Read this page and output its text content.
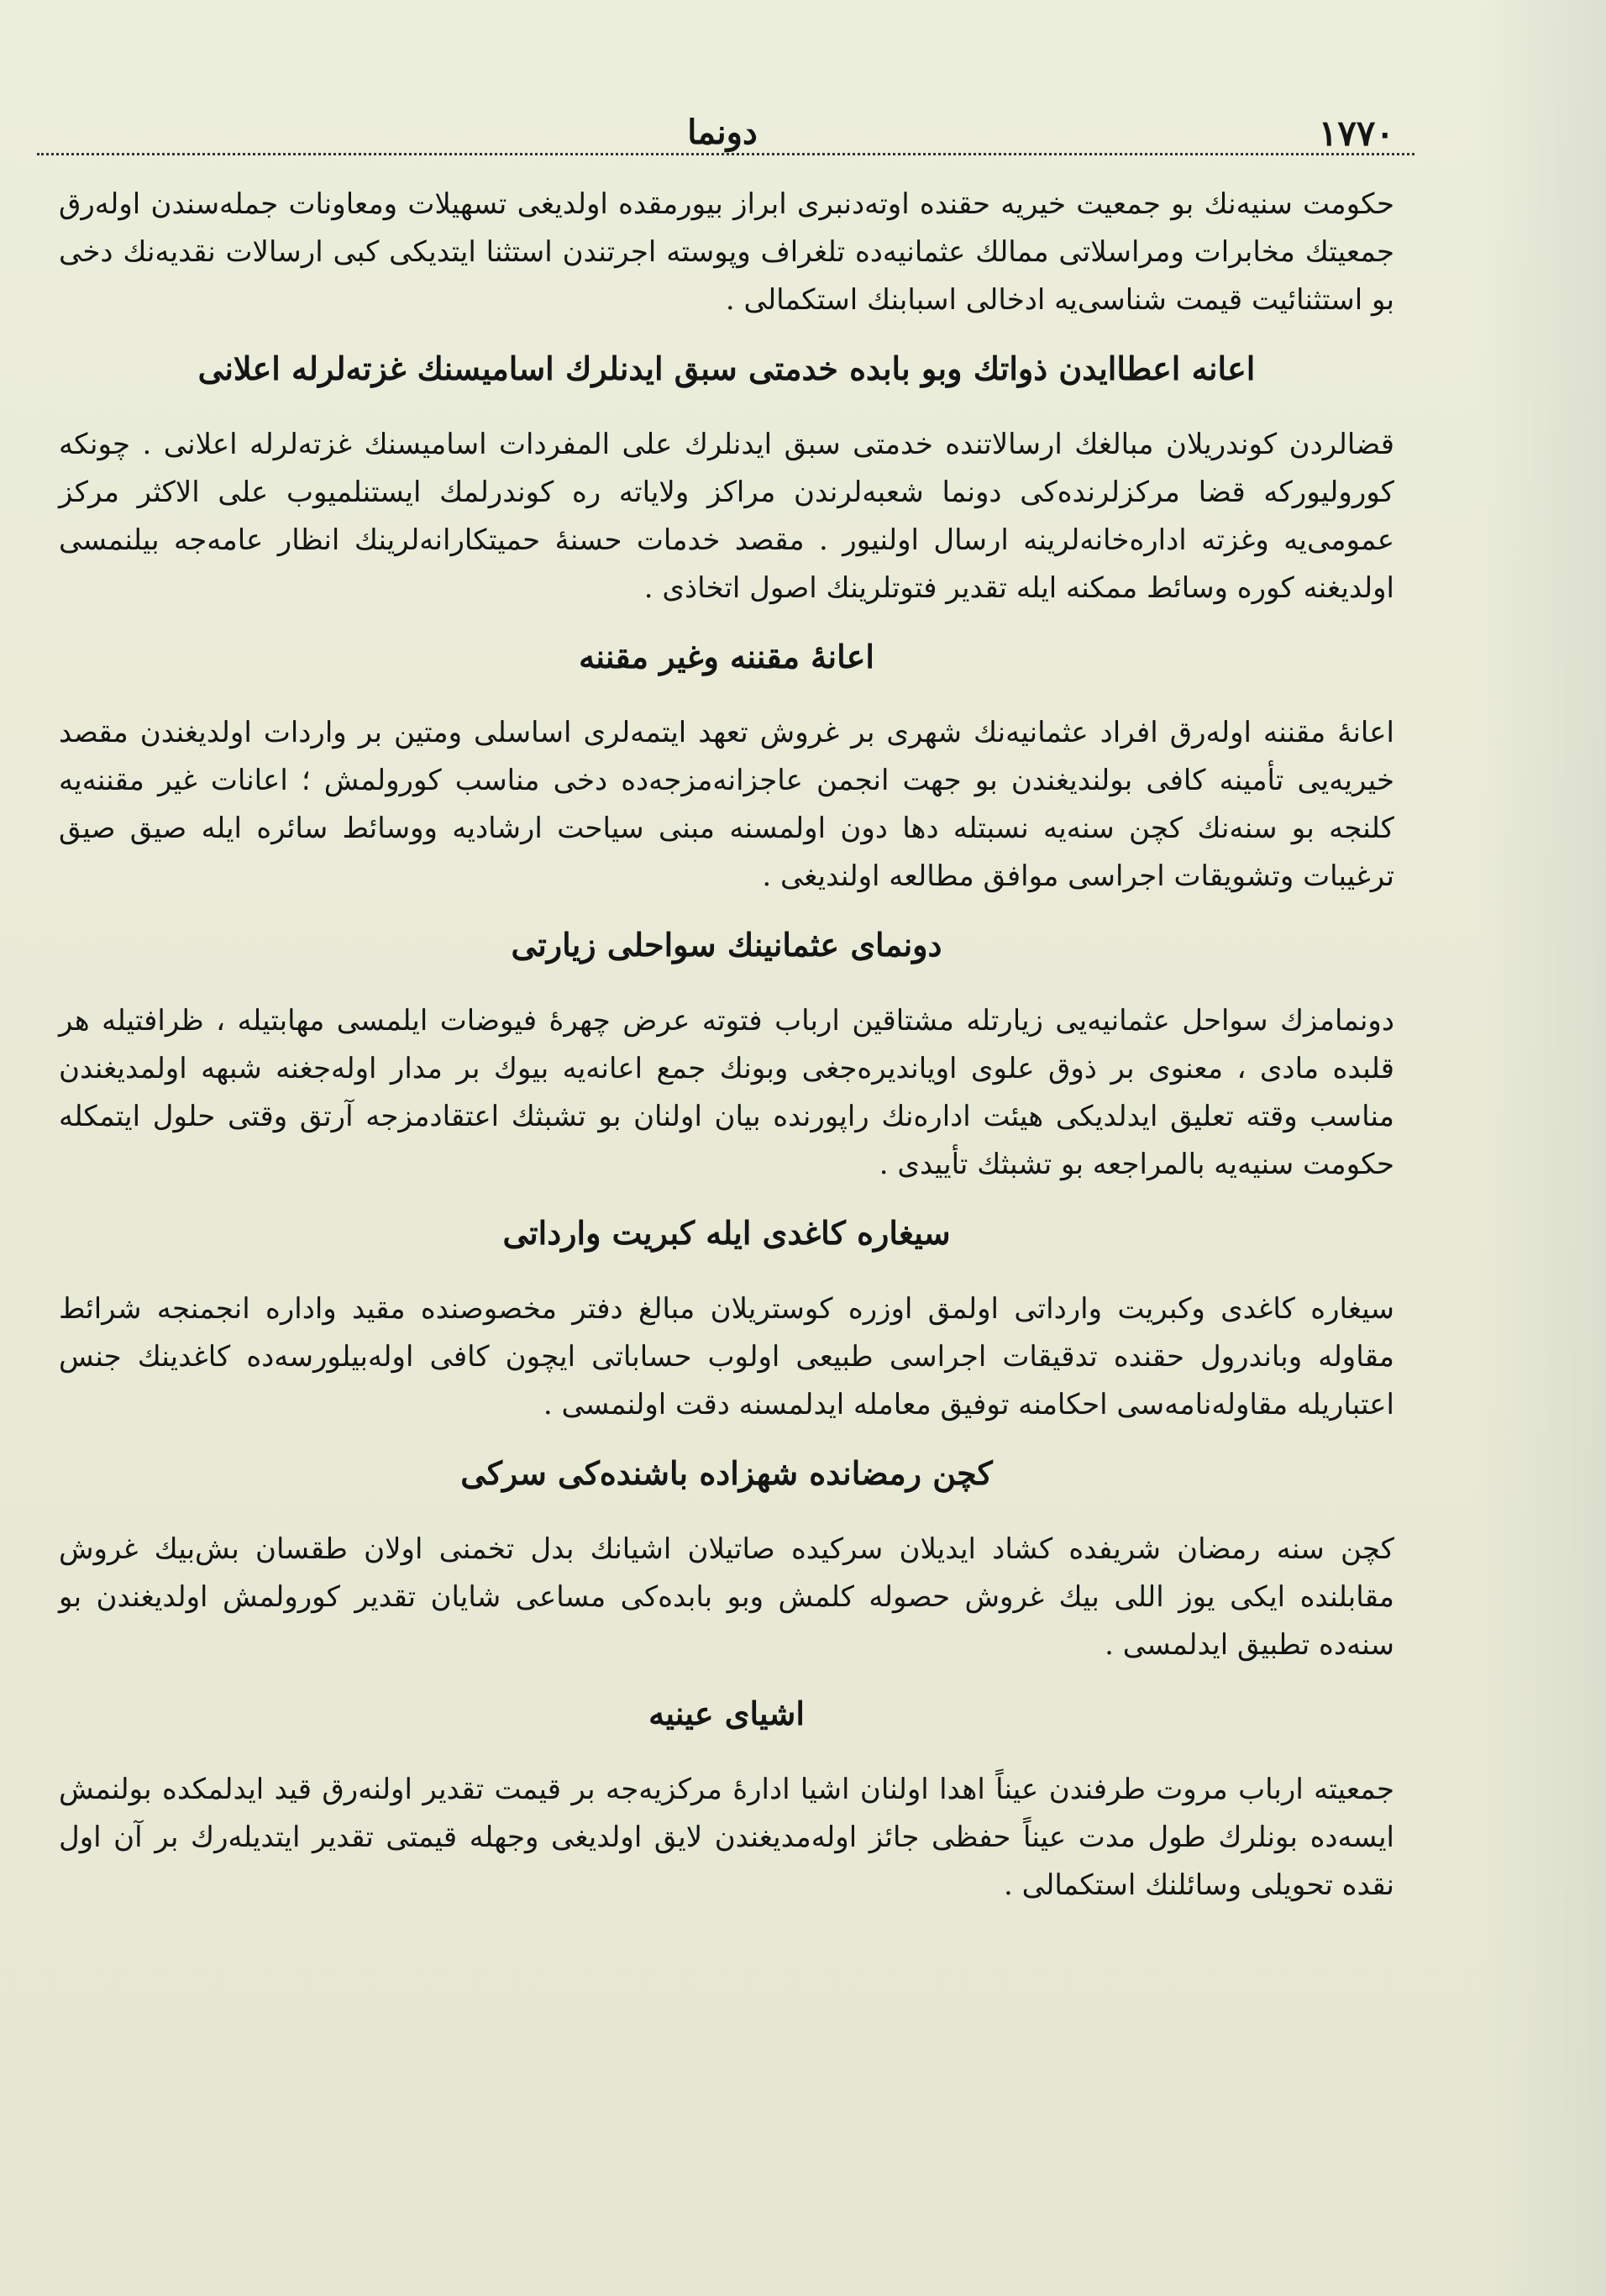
١٧٧٠
دونما

حكومت سنيه‌نك بو جمعيت خيريه حقنده اوته‌دنبری ابراز بيورمقده اولديغی تسهيلات ومعاونات جمله‌سندن اوله‌رق جمعيتك مخابرات ومراسلاتی ممالك عثمانيه‌ده تلغراف وپوسته اجرتندن استثنا ايتديكی كبی ارساﻻت نقديه‌نك دخی بو استثنائيت قيمت شناسی‌يه ادخالی اسبابنك استكمالی .

اعانه اعطاايدن ذواتك وبو بابده خدمتی سبق ايدنلرك اساميسنك غزته‌لرله اعلانی

قضالردن كوندريلان مبالغك ارساﻻتنده خدمتی سبق ايدنلرك على المفردات اساميسنك غزته‌لرله اعلانی . چونكه كوروليوركه قضا مركزلرنده‌كی دونما شعبه‌لرندن مراكز ولاياته ره كوندرلمك ايستنلميوب على الاكثر مركز عمومی‌يه وغزته اداره‌خانه‌لرينه ارسال اولنيور . مقصد خدمات حسنهٔ حميتكارانه‌لرينك انظار عامه‌جه بيلنمسی اولديغنه كوره وسائط ممكنه ايله تقدير فتوتلرينك اصول اتخاذی .

اعانهٔ مقننه وغير مقننه

اعانهٔ مقننه اوله‌رق افراد عثمانيه‌نك شهری بر غروش تعهد ايتمه‌لری اساسلی ومتين بر واردات اولديغندن مقصد خيريه‌يی تأمينه كافی بولنديغندن بو جهت انجمن عاجزانه‌مزجه‌ده دخی مناسب كورولمش ؛ اعانات غير مقننه‌يه كلنجه بو سنه‌نك كچن سنه‌يه نسبتله دها دون اولمسنه مبنی سياحت ارشاديه ووسائط سائره ايله صيق صيق ترغيبات وتشويقات اجراسی موافق مطالعه اولنديغی .

دونمای عثمانينك سواحلی زيارتی

دونمامزك سواحل عثمانيه‌يی زيارتله مشتاقين ارباب فتوته عرض چهرهٔ فيوضات ايلمسی مهابتيله ، ظرافتيله هر قلبده مادی ، معنوی بر ذوق علوی اويانديره‌جغی وبونك جمع اعانه‌يه بيوك بر مدار اوله‌جغنه شبهه اولمديغندن مناسب وقته تعليق ايدلديكی هيئت اداره‌نك راپورنده بيان اولنان بو تشبثك اعتقادمزجه آرتق وقتی حلول ايتمكله حكومت سنيه‌يه بالمراجعه بو تشبثك تأييدی .

سيغاره كاغدی ايله كبريت وارداتی

سيغاره كاغدی وكبريت وارداتی اولمق اوزره كوستريلان مبالغ دفتر مخصوصنده مقيد واداره انجمنجه شرائط مقاوله وباندرول حقنده تدقيقات اجراسی طبيعی اولوب حساباتی ايچون كافی اوله‌بيلورسه‌ده كاغدينك جنس اعتباريله مقاوله‌نامه‌سی احكامنه توفيق معامله ايدلمسنه دقت اولنمسی .

كچن رمضانده شهزاده باشنده‌كی سركی

كچن سنه رمضان شريفده كشاد ايديلان سركيده صاتيلان اشيانك بدل تخمنی اولان طقسان بش‌بيك غروش مقابلنده ايكی يوز اللی بيك غروش حصوله كلمش وبو بابده‌كی مساعی شايان تقدير كورولمش اولديغندن بو سنه‌ده تطبيق ايدلمسی .

اشيای عينيه

جمعيته ارباب مروت طرفندن عيناً اهدا اولنان اشيا ادارهٔ مركزيه‌جه بر قيمت تقدير اولنه‌رق قيد ايدلمكده بولنمش ايسه‌ده بونلرك طول مدت عيناً حفظی جائز اوله‌مديغندن لايق اولديغی وجهله قيمتی تقدير ايتديله‌رك بر آن اول نقده تحويلی وسائلنك استكمالی .
